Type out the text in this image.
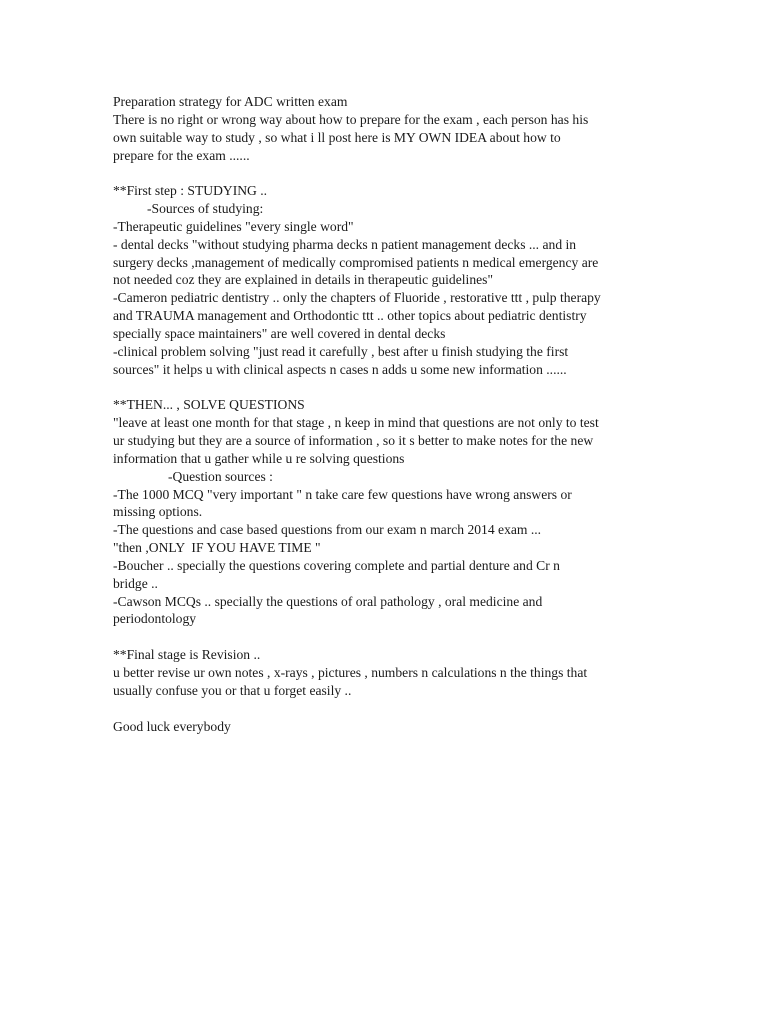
Preparation strategy for ADC written exam
There is no right or wrong way about how to prepare for the exam , each person has his
own suitable way to study , so what i ll post here is MY OWN IDEA about how to
prepare for the exam ......
**First step : STUDYING ..
-Sources of studying:
-Therapeutic guidelines "every single word"
- dental decks "without studying pharma decks n patient management decks ... and in
surgery decks ,management of medically compromised patients n medical emergency are
not needed coz they are explained in details in therapeutic guidelines"
-Cameron pediatric dentistry .. only the chapters of Fluoride , restorative ttt , pulp therapy
and TRAUMA management and Orthodontic ttt .. other topics about pediatric dentistry
specially space maintainers" are well covered in dental decks
-clinical problem solving "just read it carefully , best after u finish studying the first
sources" it helps u with clinical aspects n cases n adds u some new information ......
**THEN... , SOLVE QUESTIONS
"leave at least one month for that stage , n keep in mind that questions are not only to test
ur studying but they are a source of information , so it s better to make notes for the new
information that u gather while u re solving questions
-Question sources :
-The 1000 MCQ "very important " n take care few questions have wrong answers or
missing options.
-The questions and case based questions from our exam n march 2014 exam ...
"then ,ONLY  IF YOU HAVE TIME "
-Boucher .. specially the questions covering complete and partial denture and Cr n
bridge ..
-Cawson MCQs .. specially the questions of oral pathology , oral medicine and
periodontology
**Final stage is Revision ..
u better revise ur own notes , x-rays , pictures , numbers n calculations n the things that
usually confuse you or that u forget easily ..
Good luck everybody
